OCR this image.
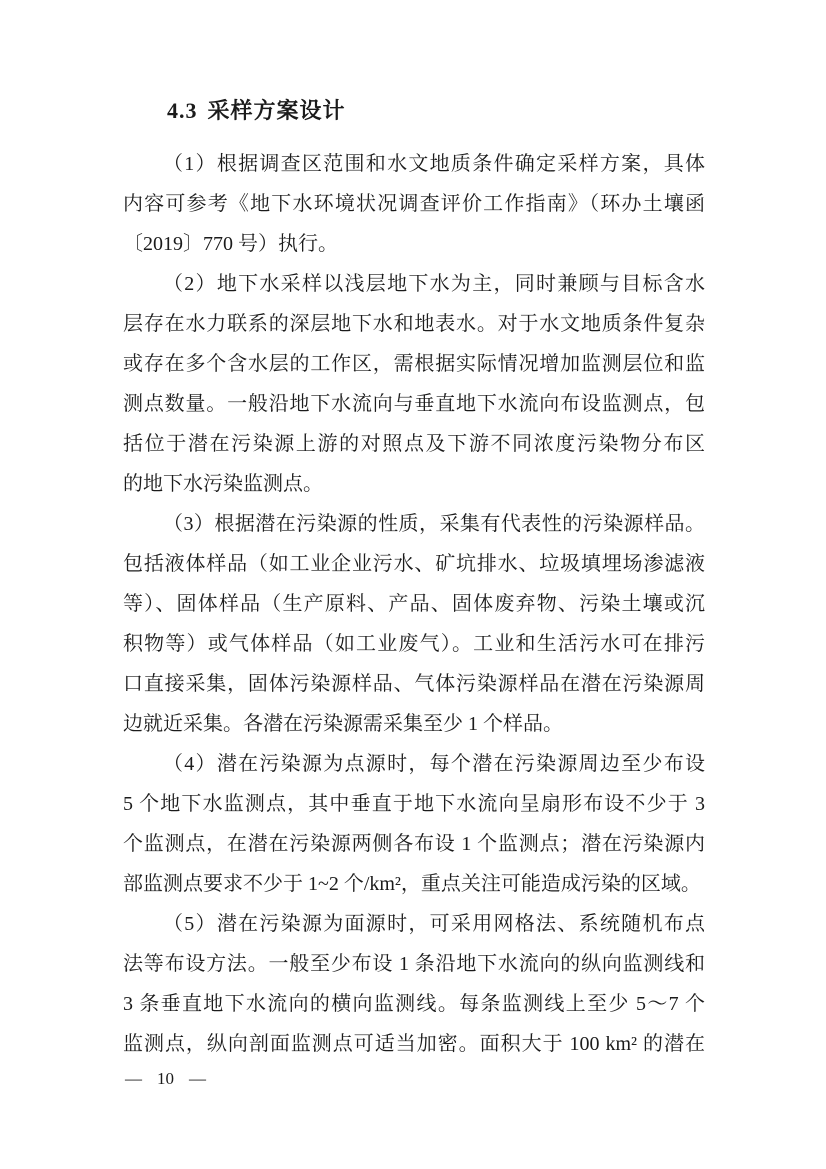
4.3 采样方案设计
（1）根据调查区范围和水文地质条件确定采样方案，具体
内容可参考《地下水环境状况调查评价工作指南》（环办土壤函
〔2019〕770 号）执行。
（2）地下水采样以浅层地下水为主，同时兼顾与目标含水
层存在水力联系的深层地下水和地表水。对于水文地质条件复杂
或存在多个含水层的工作区，需根据实际情况增加监测层位和监
测点数量。一般沿地下水流向与垂直地下水流向布设监测点，包
括位于潜在污染源上游的对照点及下游不同浓度污染物分布区
的地下水污染监测点。
（3）根据潜在污染源的性质，采集有代表性的污染源样品。
包括液体样品（如工业企业污水、矿坑排水、垃圾填埋场渗滤液
等）、固体样品（生产原料、产品、固体废弃物、污染土壤或沉
积物等）或气体样品（如工业废气）。工业和生活污水可在排污
口直接采集，固体污染源样品、气体污染源样品在潜在污染源周
边就近采集。各潜在污染源需采集至少 1 个样品。
（4）潜在污染源为点源时，每个潜在污染源周边至少布设
5 个地下水监测点，其中垂直于地下水流向呈扇形布设不少于 3
个监测点，在潜在污染源两侧各布设 1 个监测点；潜在污染源内
部监测点要求不少于 1~2 个/km²，重点关注可能造成污染的区域。
（5）潜在污染源为面源时，可采用网格法、系统随机布点
法等布设方法。一般至少布设 1 条沿地下水流向的纵向监测线和
3 条垂直地下水流向的横向监测线。每条监测线上至少 5～7 个
监测点，纵向剖面监测点可适当加密。面积大于 100 km² 的潜在
— 10 —
